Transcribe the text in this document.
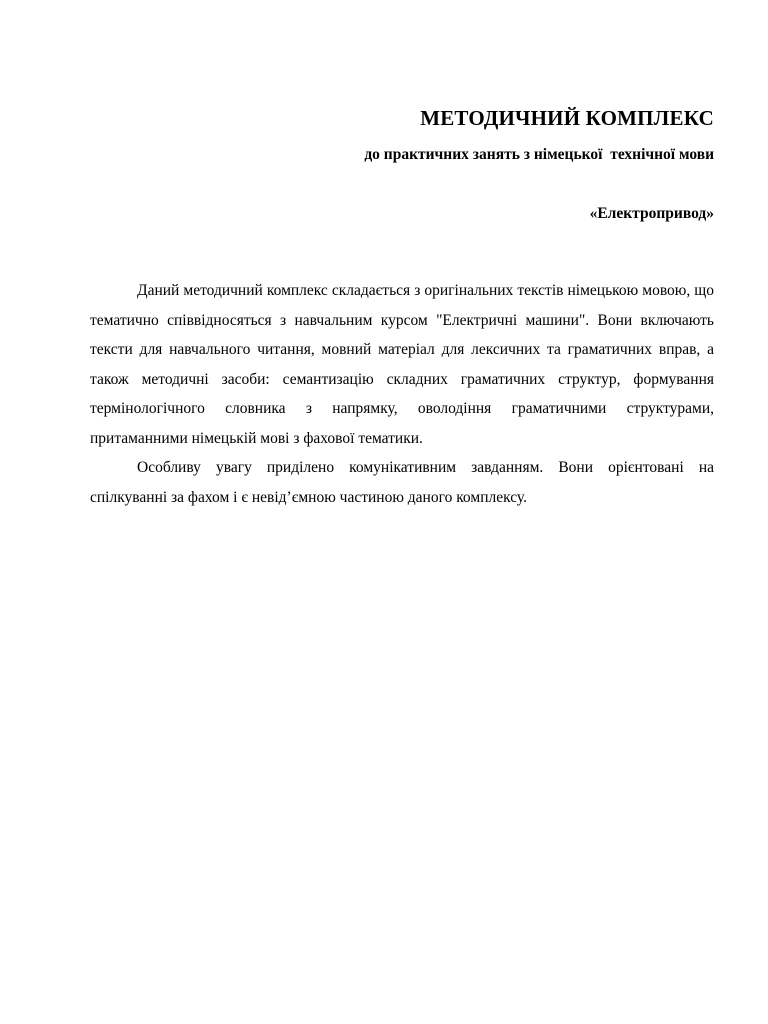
МЕТОДИЧНИЙ КОМПЛЕКС
до практичних занять з німецької  технічної мови
«Електропривод»

Даний методичний комплекс складається з оригінальних текстів німецькою мовою, що тематично співвідносяться з навчальним курсом "Електричні машини". Вони включають тексти для навчального читання, мовний матеріал для лексичних та граматичних вправ, а також методичні засоби: семантизацію складних граматичних структур, формування термінологічного словника з напрямку, оволодіння граматичними структурами, притаманними німецькій мові з фахової тематики.

Особливу увагу приділено комунікативним завданням. Вони орієнтовані на спілкуванні за фахом і є невід’ємною частиною даного комплексу.
